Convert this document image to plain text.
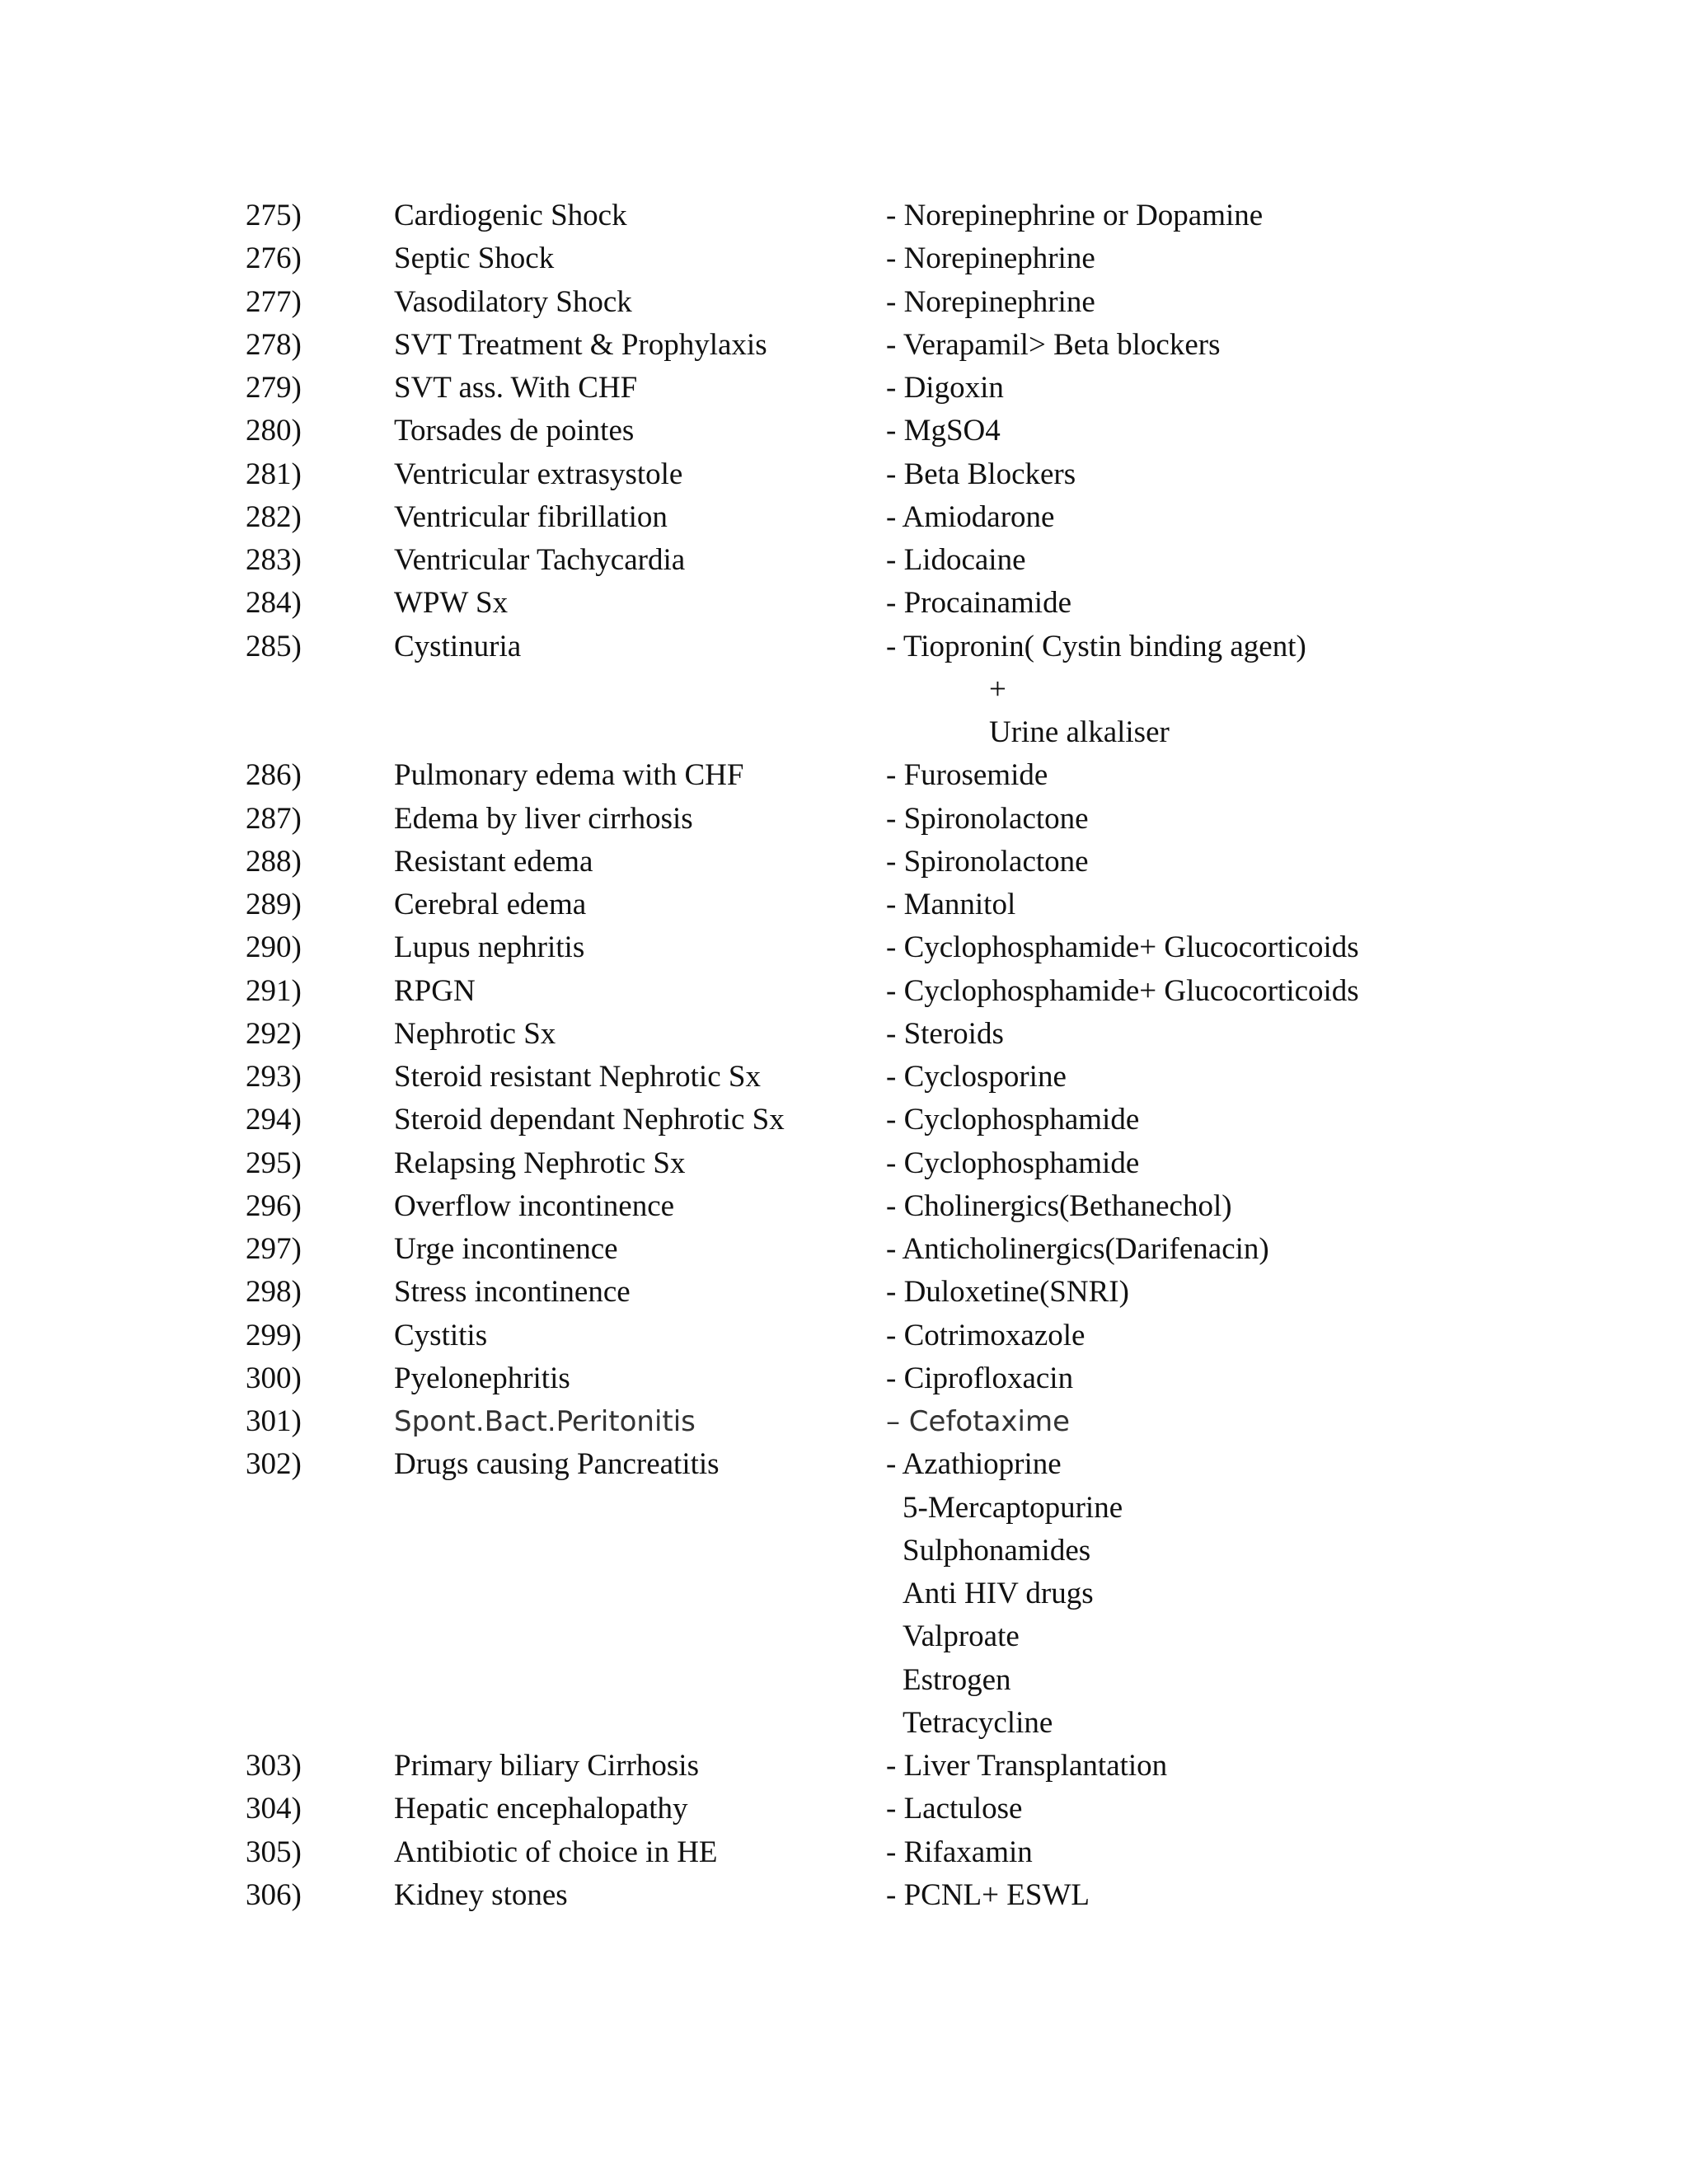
275)	Cardiogenic Shock	- Norepinephrine or Dopamine
276)	Septic Shock	- Norepinephrine
277)	Vasodilatory Shock	- Norepinephrine
278)	SVT Treatment & Prophylaxis	- Verapamil> Beta blockers
279)	SVT ass. With CHF	- Digoxin
280)	Torsades de pointes	- MgSO4
281)	Ventricular extrasystole	- Beta Blockers
282)	Ventricular fibrillation	- Amiodarone
283)	Ventricular Tachycardia	- Lidocaine
284)	WPW Sx	- Procainamide
285)	Cystinuria	- Tiopronin( Cystin binding agent)
+
Urine alkaliser
286)	Pulmonary edema with CHF	- Furosemide
287)	Edema by liver cirrhosis	- Spironolactone
288)	Resistant edema	- Spironolactone
289)	Cerebral edema	- Mannitol
290)	Lupus nephritis	- Cyclophosphamide+ Glucocorticoids
291)	RPGN	- Cyclophosphamide+ Glucocorticoids
292)	Nephrotic Sx	- Steroids
293)	Steroid resistant Nephrotic Sx	- Cyclosporine
294)	Steroid dependant Nephrotic Sx	- Cyclophosphamide
295)	Relapsing Nephrotic Sx	- Cyclophosphamide
296)	Overflow incontinence	- Cholinergics(Bethanechol)
297)	Urge incontinence	- Anticholinergics(Darifenacin)
298)	Stress incontinence	- Duloxetine(SNRI)
299)	Cystitis	- Cotrimoxazole
300)	Pyelonephritis	- Ciprofloxacin
301)	Spont.Bact.Peritonitis	– Cefotaxime
302)	Drugs causing Pancreatitis	- Azathioprine
5-Mercaptopurine
Sulphonamides
Anti HIV drugs
Valproate
Estrogen
Tetracycline
303)	Primary biliary Cirrhosis	- Liver Transplantation
304)	Hepatic encephalopathy	- Lactulose
305)	Antibiotic of choice in HE	- Rifaxamin
306)	Kidney stones	- PCNL+ ESWL
